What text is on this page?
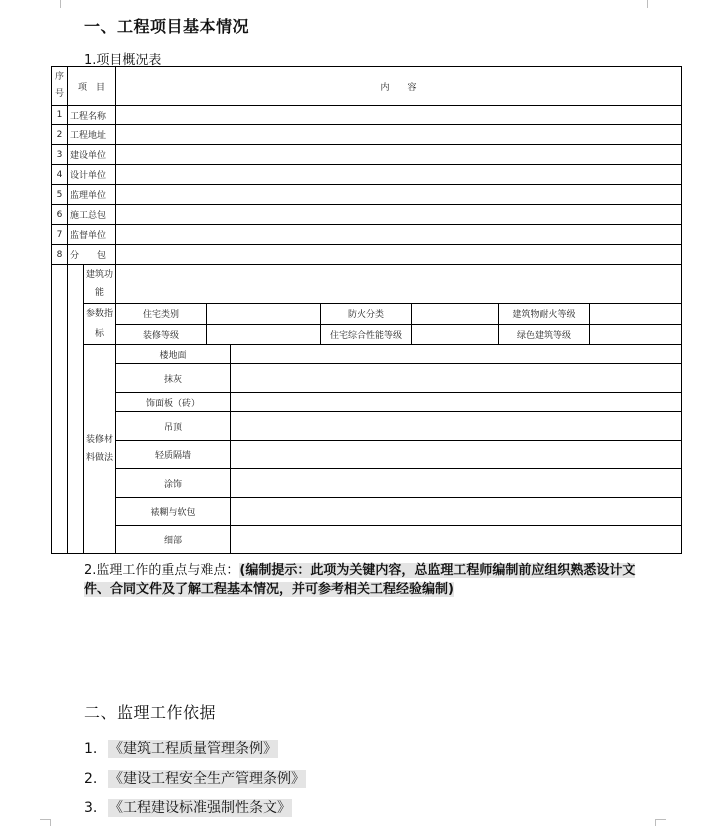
一、工程项目基本情况
1.项目概况表
序号	项　目		内　　容						
1	工程名称								
2	工程地址								
3	建设单位								
4	设计单位								
5	监理单位								
6	施工总包								
7	监督单位								
8	分　　包								
		建筑功能							
		参数指标	住宅类别			防火分类		建筑物耐火等级	
			装修等级			住宅综合性能等级		绿色建筑等级	
		装修材料做法	楼地面						
			抹灰						
			饰面板（砖）						
			吊顶						
			轻质隔墙						
			涂饰						
			裱糊与软包						
			细部						
2.监理工作的重点与难点：(编制提示：此项为关键内容，总监理工程师编制前应组织熟悉设计文件、合同文件及了解工程基本情况，并可参考相关工程经验编制)
二、监理工作依据
1. 《建筑工程质量管理条例》
2. 《建设工程安全生产管理条例》
3. 《工程建设标准强制性条文》
